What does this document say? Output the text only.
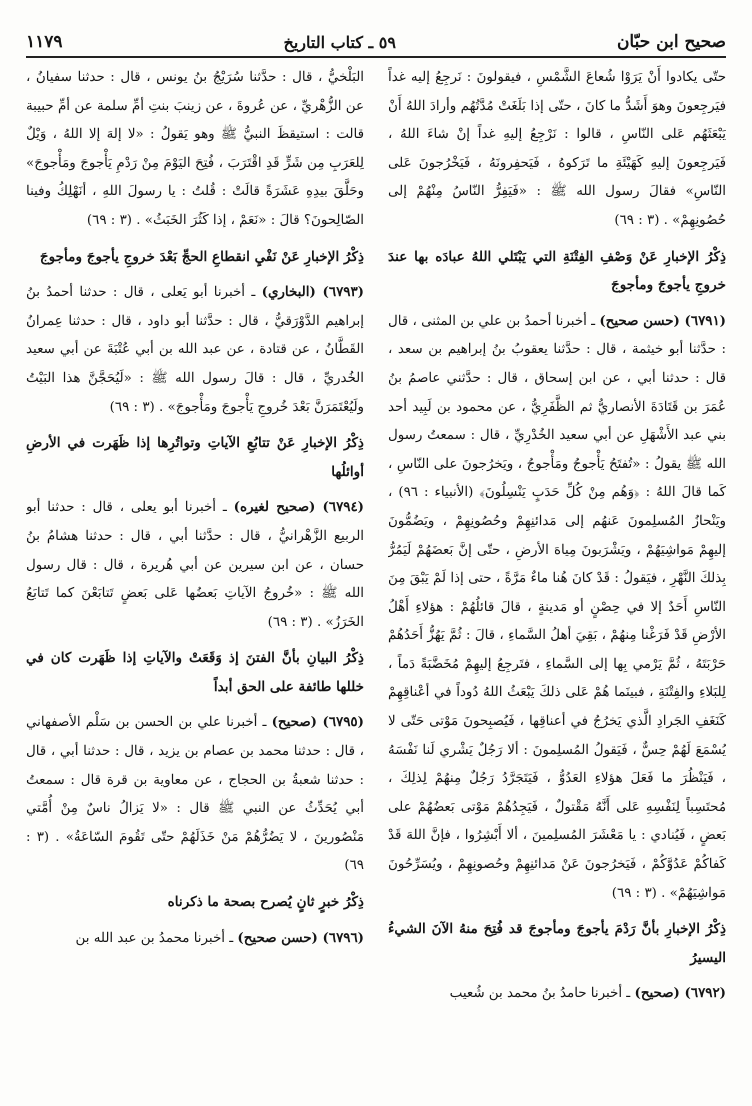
صحيح ابن حبّان
٥٩ ـ كتاب التاريخ
١١٧٩

حتّى يكادوا أَنْ يَرَوْا شُعاعَ الشَّمْسِ ، فيقولونَ : نَرجِعُ إليه غداً فيَرجِعونَ وهوَ أَشَدُّ ما كانَ ، حتّى إذا بَلَغَتْ مُدَّتُهُم وأرادَ اللهُ أَنْ يَبْعَثَهُم عَلى النّاسِ ، قالوا : نَرْجِعُ إليهِ غداً إنْ شاءَ اللهُ ، فَيَرجِعونَ إليهِ كَهَيْئَةِ ما تَرَكوهُ ، فَيَحفِرونَهُ ، فَيَخْرُجونَ عَلى النّاسِ» فقالَ رسول الله ﷺ : «فَيَفِرُّ النّاسُ مِنْهُمْ إلى حُصُونِهِمْ» . (٣ : ٦٩)

ذِكْرُ الإخبارِ عَنْ وَصْفِ الفِتْنَةِ التي يَبْتَلي اللهُ عبادَه بها عندَ خروجِ يأجوجَ ومأجوجَ

(٦٧٩١) (حسن صحيح) ـ أخبرنا أحمدُ بن علي بن المثنى ، قال : حدَّثنا أبو خيثمة ، قال : حدَّثنا يعقوبُ بنُ إبراهيم بن سعد ، قال : حدثنا أبي ، عن ابن إسحاق ، قال : حدَّثني عاصمُ بنُ عُمَرَ بن قَتَادَةَ الأنصاريُّ ثم الظَّفَرِيُّ ، عن محمود بن لَبِيد أحد بني عبد الأَشْهَلِ عن أبي سعيد الخُدْرِيِّ ، قال : سمعتُ رسول الله ﷺ يقولُ : «تُفتَحُ يَأْجوجُ ومَأْجوجُ ، ويَخرُجونَ على النّاسِ ، كَما قالَ اللهُ : ﴿وَهُم مِنْ كُلِّ حَدَبٍ يَنْسِلُونَ﴾ (الأنبياء : ٩٦) ، ويَنْحازُ المُسلِمونَ عَنهُم إلى مَدائنِهِمْ وحُصُونِهِمْ ، ويَضُمُّونَ إليهِمْ مَواشِيَهُمْ ، ويَشْرَبونَ مِياهَ الأرضِ ، حتّى إنَّ بَعضَهُمْ لَيَمُرُّ بِذلكَ النَّهْرِ ، فيَقولُ : قَدْ كانَ هُنا ماءٌ مَرَّةً ، حتى إذا لَمْ يَبْقَ مِنَ النّاسِ أَحَدٌ إلا في حِصْنٍ أو مَدينةٍ ، قالَ قائلُهُمْ : هؤلاءِ أَهْلُ الأرْضِ قَدْ فَرَغْنا مِنهُمْ ، بَقِيَ أهلُ السَّماءِ ، قالَ : ثُمَّ يَهُزُّ أَحَدُهُمْ حَرْبَتَهُ ، ثُمَّ يَرْمي بِها إلى السَّماءِ ، فتَرجِعُ إليهِمْ مُخَضَّبَةً دَماً ، لِلبَلاءِ والفِتْنَةِ ، فبينَما هُمْ عَلى ذلكَ يَبْعَثُ اللهُ دُوداً في أعْناقِهِمْ كَنَغَفِ الجَرادِ الَّذي يَخرُجُ في أعناقِها ، فَيُصبِحونَ مَوْتى حَتّى لا يُسْمَعَ لَهُمْ حِسٌّ ، فَيَقولُ المُسلِمونَ : ألا رَجُلٌ يَشْري لَنا نَفْسَهُ ، فَيَنْظُرَ ما فَعَلَ هؤلاءِ العَدُوُّ ، فَيَتَجَرَّدُ رَجُلٌ مِنهُمْ لِذلِكَ ، مُحتَسِباً لِنَفْسِهِ عَلى أَنَّهُ مَقْتولٌ ، فَيَجِدُهُمْ مَوْتى بَعضُهُمْ على بَعضٍ ، فَيُنادي : يا مَعْشَرَ المُسلِمينَ ، ألا أَبْشِرُوا ، فإنَّ اللهَ قَدْ كَفاكُمْ عَدُوَّكُمْ ، فَيَخرُجونَ عَنْ مَدائنِهِمْ وحُصونِهِمْ ، ويُسَرِّحُونَ مَواشِيَهُمْ» . (٣ : ٦٩)

ذِكْرُ الإخبارِ بأنَّ رَدْمَ يأجوجَ ومأجوجَ قد فُتِحَ منهُ الآنَ الشيءُ اليسيرُ

(٦٧٩٢) (صحيح) ـ أخبرنا حامدُ بنُ محمد بن شُعيب

البَلْخيُّ ، قال : حدَّثنا سُرَيْجُ بنُ يونس ، قال : حدثنا سفيانُ ، عن الزُّهْريِّ ، عن عُروةَ ، عن زينبَ بنتِ أمِّ سلمة عن أمِّ حبيبة قالت : استيقظَ النبيُّ ﷺ وهو يَقولُ : «لا إلهَ إلا اللهُ ، وَيْلٌ لِلعَرَبِ مِن شَرٍّ قَدِ اقْتَرَبَ ، فُتِحَ اليَوْمَ مِنْ رَدْمِ يَأْجوجَ ومَأْجوجَ» وحَلَّقَ بيدِهِ عَشَرَةً قالَتْ : قُلتُ : يا رسولَ اللهِ ، أنَهْلِكُ وفينا الصّالِحونَ؟ قالَ : «نَعَمْ ، إذا كَثُرَ الخَبَثُ» . (٣ : ٦٩)

ذِكْرُ الإخبارِ عَنْ نَفْيِ انقطاعِ الحجِّ بَعْدَ خروجِ يأجوجَ ومأجوجَ

(٦٧٩٣) (البخاري) ـ أخبرنا أبو يَعلى ، قال : حدثنا أحمدُ بنُ إبراهيم الدَّوْرَقيُّ ، قال : حدَّثنا أبو داود ، قال : حدثنا عِمرانُ القَطَّانُ ، عن قتادة ، عن عبد الله بن أبي عُتْبَةَ عن أبي سعيد الخُدريِّ ، قال : قالَ رسول الله ﷺ : «لَيُحَجَّنَّ هذا البَيْتُ ولَيُعْتَمَرَنَّ بَعْدَ خُروجِ يَأْجوجَ ومَأْجوجَ» . (٣ : ٦٩)

ذِكْرُ الإخبارِ عَنْ تتابُعِ الآياتِ وتواتُرِها إذا ظَهَرت في الأرضِ أوائلُها

(٦٧٩٤) (صحيح لغيره) ـ أخبرنا أبو يعلى ، قال : حدثنا أبو الربيع الزَّهْرانيُّ ، قال : حدَّثنا أبي ، قال : حدثنا هشامُ بنُ حسان ، عن ابن سيرين عن أبي هُريرة ، قال : قال رسول الله ﷺ : «خُروجُ الآياتِ بَعضُها عَلى بَعضٍ تَتابَعْنَ كما تَتابَعُ الخَرَزُ» . (٣ : ٦٩)

ذِكْرُ البيانِ بأنَّ الفتنَ إذ وَقَعَتْ والآياتِ إذا ظَهَرت كان في خللها طائفة على الحق أبداً

(٦٧٩٥) (صحيح) ـ أخبرنا علي بن الحسن بن سَلْم الأصفهاني ، قال : حدثنا محمد بن عصام بن يزيد ، قال : حدثنا أبي ، قال : حدثنا شعبةُ بن الحجاج ، عن معاوية بن قرة قال : سمعتُ أبي يُحَدِّثُ عن النبي ﷺ قال : «لا يَزالُ ناسٌ مِنْ أُمَّتي مَنْصُورينَ ، لا يَضُرُّهُمْ مَنْ خَذَلَهُمْ حتّى تَقُومَ السّاعَةُ» . (٣ : ٦٩)

ذِكْرُ خبرٍ ثانٍ يُصرح بصحة ما ذكرناه

(٦٧٩٦) (حسن صحيح) ـ أخبرنا محمدُ بن عبد الله بن
